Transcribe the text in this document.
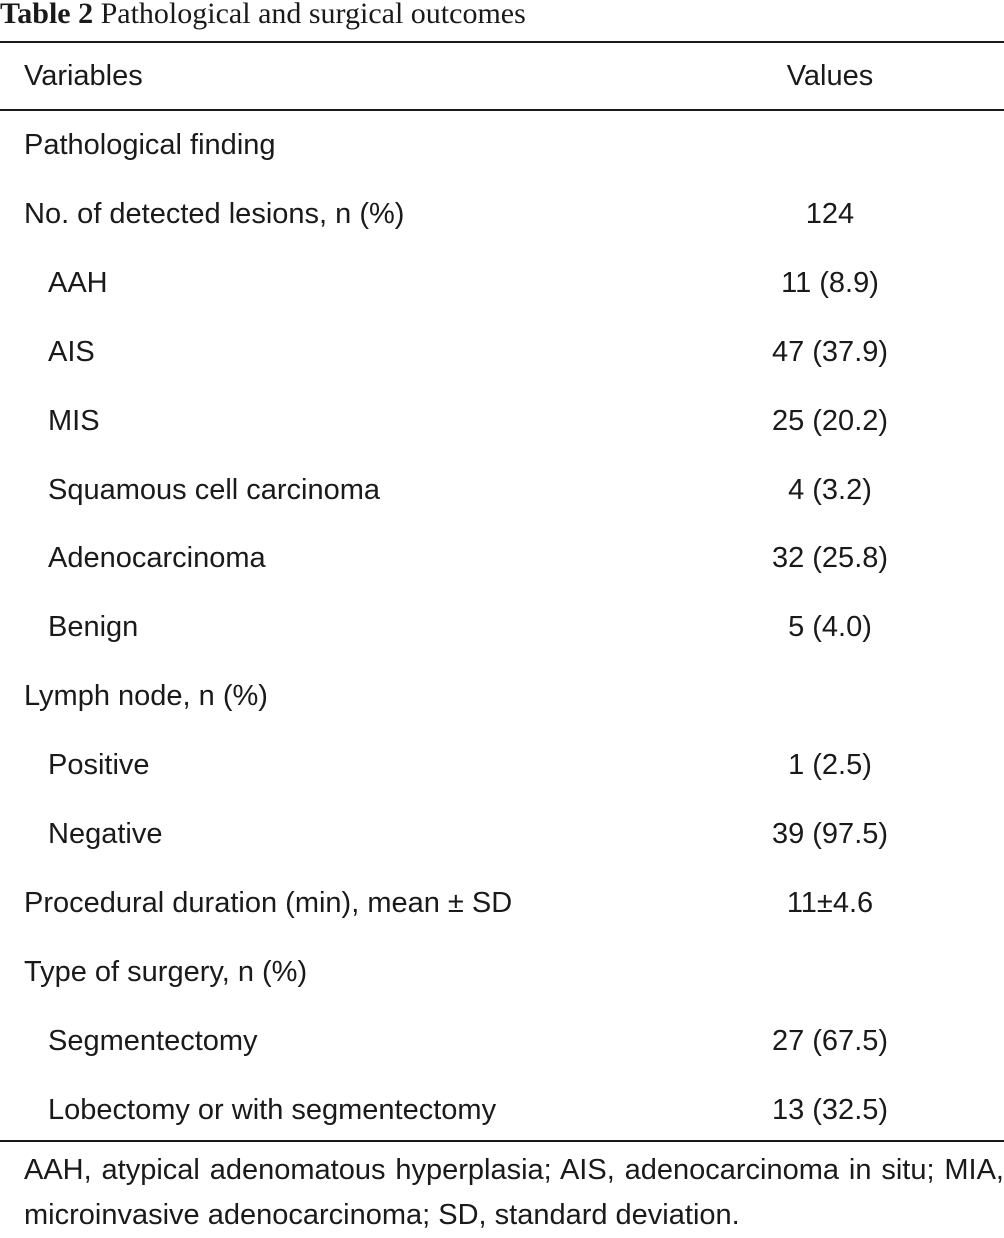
Table 2 Pathological and surgical outcomes
Variables	Values
Pathological finding
No. of detected lesions, n (%)	124
AAH	11 (8.9)
AIS	47 (37.9)
MIS	25 (20.2)
Squamous cell carcinoma	4 (3.2)
Adenocarcinoma	32 (25.8)
Benign	5 (4.0)
Lymph node, n (%)
Positive	1 (2.5)
Negative	39 (97.5)
Procedural duration (min), mean ± SD	11±4.6
Type of surgery, n (%)
Segmentectomy	27 (67.5)
Lobectomy or with segmentectomy	13 (32.5)
AAH, atypical adenomatous hyperplasia; AIS, adenocarcinoma in situ; MIA, microinvasive adenocarcinoma; SD, standard deviation.
